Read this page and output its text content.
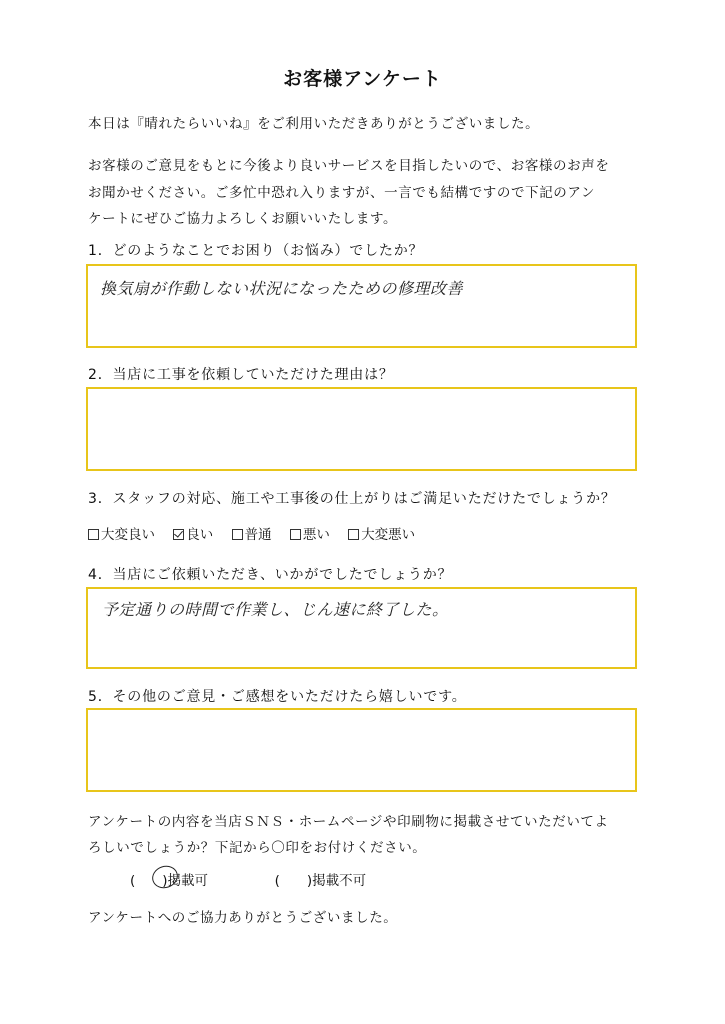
お客様アンケート
本日は『晴れたらいいね』をご利用いただきありがとうございました。
お客様のご意見をもとに今後より良いサービスを目指したいので、お客様のお声を
お聞かせください。ご多忙中恐れ入りますが、一言でも結構ですので下記のアン
ケートにぜひご協力よろしくお願いいたします。
1．どのようなことでお困り（お悩み）でしたか？
換気扇が作動しない状況になったための修理改善
2．当店に工事を依頼していただけた理由は？
3．スタッフの対応、施工や工事後の仕上がりはご満足いただけたでしょうか？
大変良い 良い 普通 悪い 大変悪い
4．当店にご依頼いただき、いかがでしたでしょうか？
予定通りの時間で作業し、じん速に終了した。
5．その他のご意見・ご感想をいただけたら嬉しいです。
アンケートの内容を当店ＳＮＳ・ホームページや印刷物に掲載させていただいてよ
ろしいでしょうか？下記から〇印をお付けください。
(　　)掲載可	(　　)掲載不可
アンケートへのご協力ありがとうございました。
